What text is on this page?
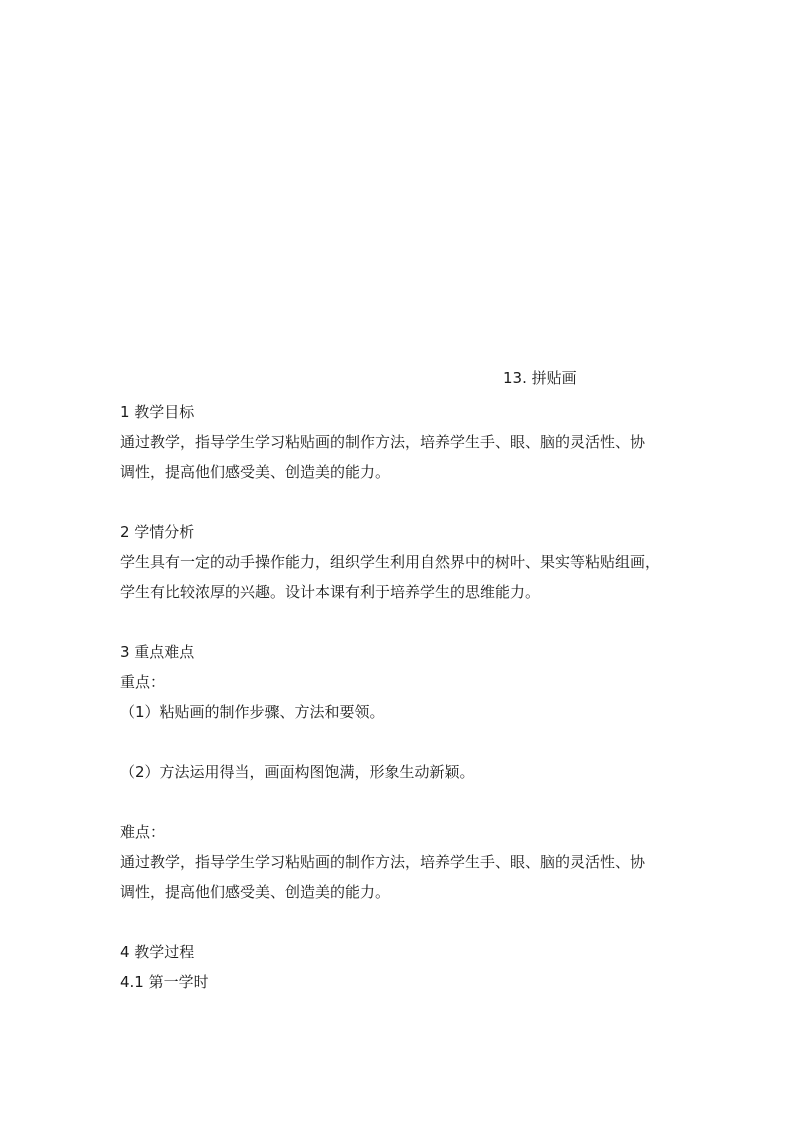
13. 拼贴画
1 教学目标
通过教学，指导学生学习粘贴画的制作方法，培养学生手、眼、脑的灵活性、协
调性，提高他们感受美、创造美的能力。
2 学情分析
学生具有一定的动手操作能力，组织学生利用自然界中的树叶、果实等粘贴组画，
学生有比较浓厚的兴趣。设计本课有利于培养学生的思维能力。
3 重点难点
重点：
（1）粘贴画的制作步骤、方法和要领。
（2）方法运用得当，画面构图饱满，形象生动新颖。
难点：
通过教学，指导学生学习粘贴画的制作方法，培养学生手、眼、脑的灵活性、协
调性，提高他们感受美、创造美的能力。
4 教学过程
4.1 第一学时
